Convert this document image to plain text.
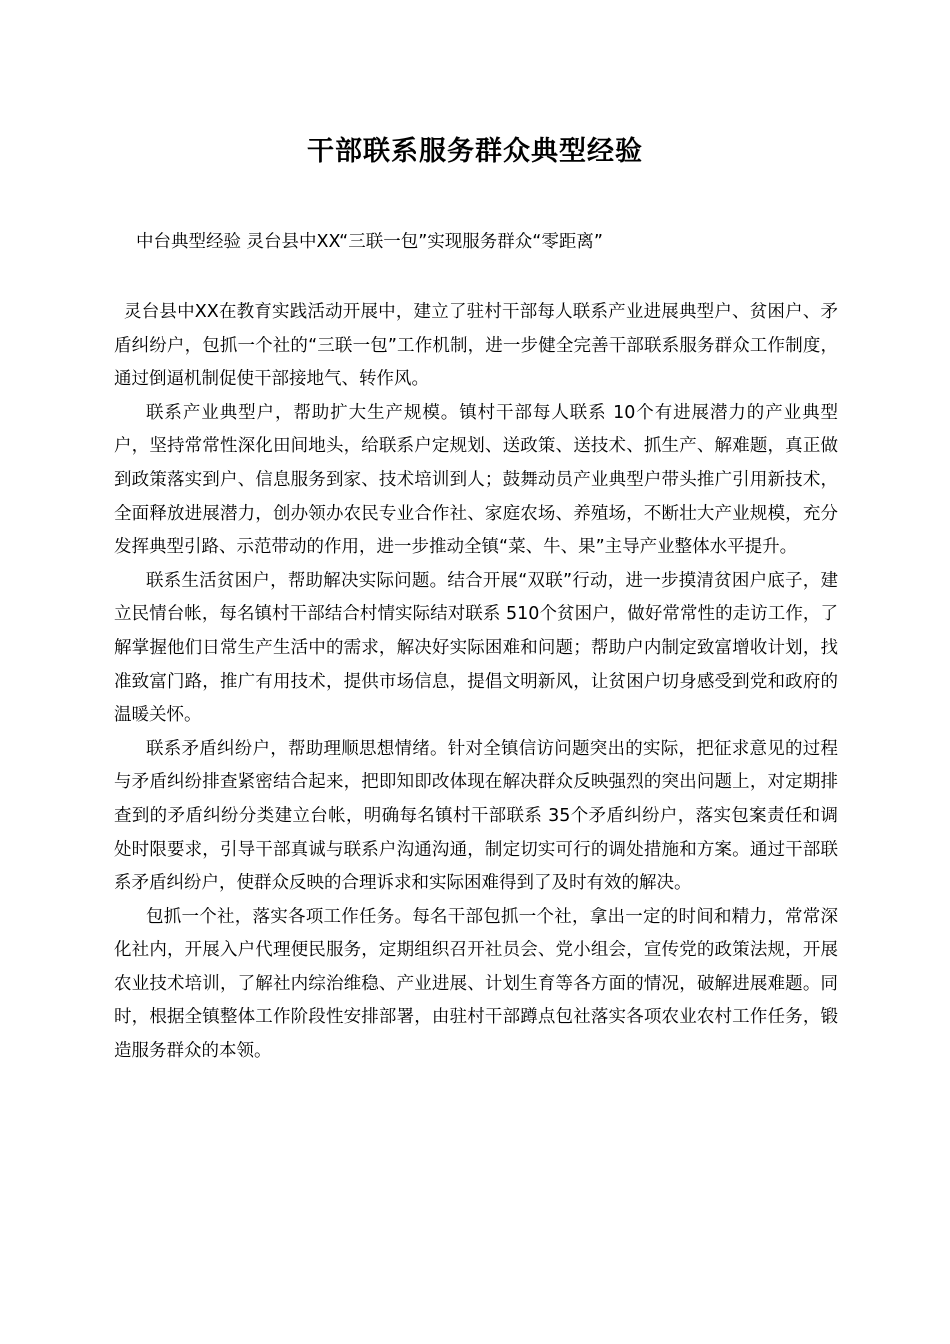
干部联系服务群众典型经验
中台典型经验 灵台县中XX“三联一包”实现服务群众“零距离”

灵台县中XX在教育实践活动开展中，建立了驻村干部每人联系产业进展典型户、贫困户、矛盾纠纷户，包抓一个社的“三联一包”工作机制，进一步健全完善干部联系服务群众工作制度，通过倒逼机制促使干部接地气、转作风。

联系产业典型户，帮助扩大生产规模。镇村干部每人联系 10个有进展潜力的产业典型户，坚持常常性深化田间地头，给联系户定规划、送政策、送技术、抓生产、解难题，真正做到政策落实到户、信息服务到家、技术培训到人；鼓舞动员产业典型户带头推广引用新技术，全面释放进展潜力，创办领办农民专业合作社、家庭农场、养殖场，不断壮大产业规模，充分发挥典型引路、示范带动的作用，进一步推动全镇“菜、牛、果”主导产业整体水平提升。

联系生活贫困户，帮助解决实际问题。结合开展“双联”行动，进一步摸清贫困户底子，建立民情台帐，每名镇村干部结合村情实际结对联系 510个贫困户，做好常常性的走访工作，了解掌握他们日常生产生活中的需求，解决好实际困难和问题；帮助户内制定致富增收计划，找准致富门路，推广有用技术，提供市场信息，提倡文明新风，让贫困户切身感受到党和政府的温暖关怀。

联系矛盾纠纷户，帮助理顺思想情绪。针对全镇信访问题突出的实际，把征求意见的过程与矛盾纠纷排查紧密结合起来，把即知即改体现在解决群众反映强烈的突出问题上，对定期排查到的矛盾纠纷分类建立台帐，明确每名镇村干部联系 35个矛盾纠纷户，落实包案责任和调处时限要求，引导干部真诚与联系户沟通沟通，制定切实可行的调处措施和方案。通过干部联系矛盾纠纷户，使群众反映的合理诉求和实际困难得到了及时有效的解决。

包抓一个社，落实各项工作任务。每名干部包抓一个社，拿出一定的时间和精力，常常深化社内，开展入户代理便民服务，定期组织召开社员会、党小组会，宣传党的政策法规，开展农业技术培训，了解社内综治维稳、产业进展、计划生育等各方面的情况，破解进展难题。同时，根据全镇整体工作阶段性安排部署，由驻村干部蹲点包社落实各项农业农村工作任务，锻造服务群众的本领。
